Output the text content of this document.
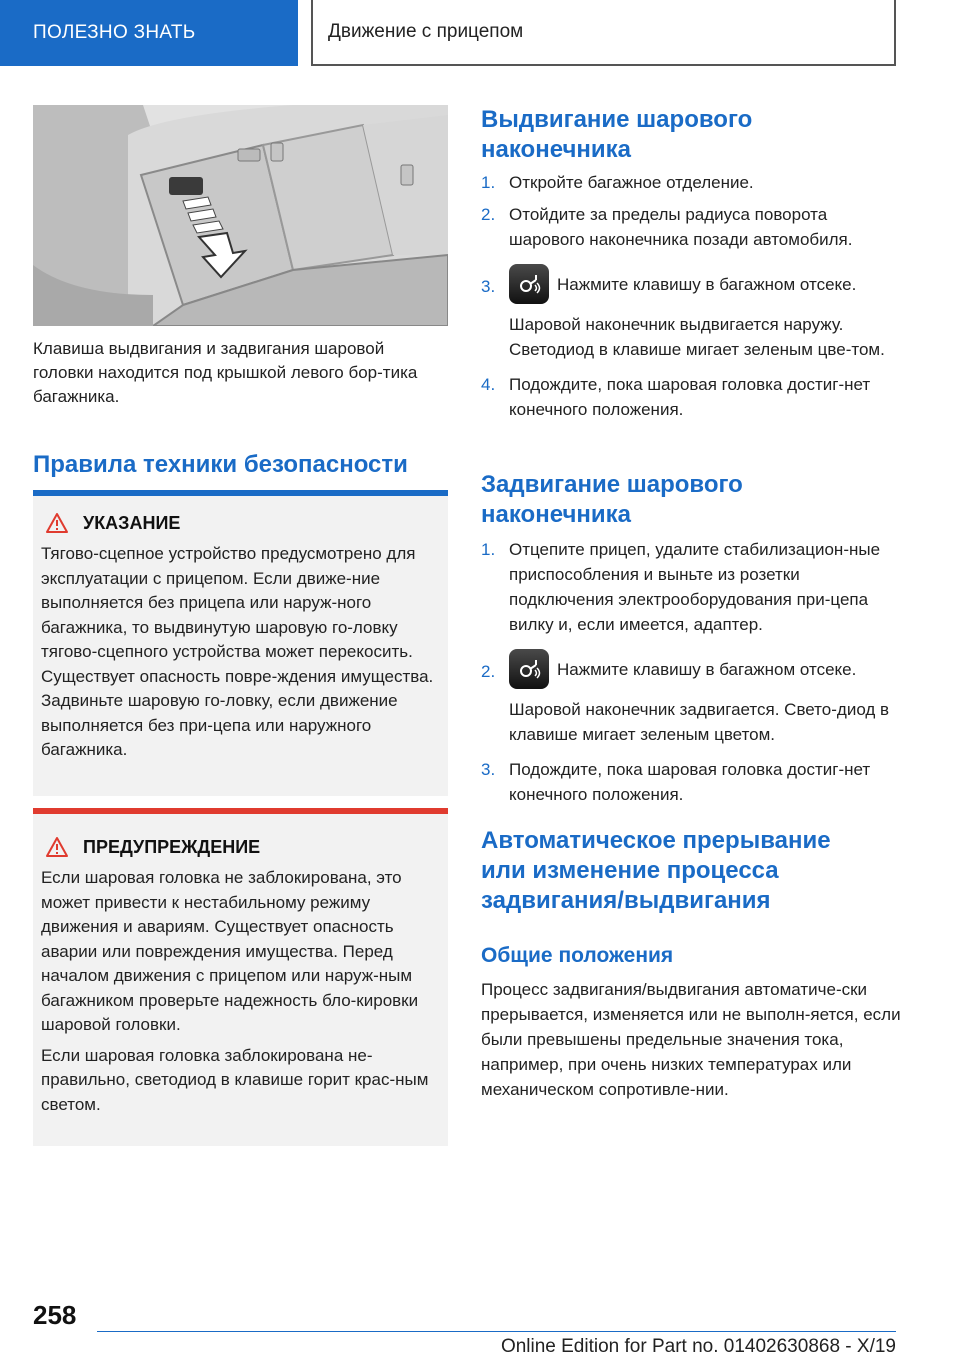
ПОЛЕЗНО ЗНАТЬ	Движение с прицепом
Клавиша выдвигания и задвигания шаровой головки находится под крышкой левого бор-тика багажника.
Правила техники безопасности
УКАЗАНИЕ

Тягово-сцепное устройство предусмотрено для эксплуатации с прицепом. Если движе-ние выполняется без прицепа или наруж-ного багажника, то выдвинутую шаровую го-ловку тягово-сцепного устройства может перекосить. Существует опасность повре-ждения имущества. Задвиньте шаровую го-ловку, если движение выполняется без при-цепа или наружного багажника.

ПРЕДУПРЕЖДЕНИЕ

Если шаровая головка не заблокирована, это может привести к нестабильному режиму движения и авариям. Существует опасность аварии или повреждения имущества. Перед началом движения с прицепом или наруж-ным багажником проверьте надежность бло-кировки шаровой головки.

Если шаровая головка заблокирована не-правильно, светодиод в клавише горит крас-ным светом.

Выдвигание шарового
наконечника
1. Откройте багажное отделение.

2. Отойдите за пределы радиуса поворота шарового наконечника позади автомобиля.

3.	Нажмите клавишу в багажном отсеке.

Шаровой наконечник выдвигается наружу. Светодиод в клавише мигает зеленым цве-том.

4. Подождите, пока шаровая головка достиг-нет конечного положения.

Задвигание шарового
наконечника
1. Отцепите прицеп, удалите стабилизацион-ные приспособления и выньте из розетки подключения электрооборудования при-цепа вилку и, если имеется, адаптер.

2.	Нажмите клавишу в багажном отсеке.

Шаровой наконечник задвигается. Свето-диод в клавише мигает зеленым цветом.

3. Подождите, пока шаровая головка достиг-нет конечного положения.

Автоматическое прерывание
или изменение процесса
задвигания/выдвигания
Общие положения
Процесс задвигания/выдвигания автоматиче-ски прерывается, изменяется или не выполн-яется, если были превышены предельные значения тока, например, при очень низких температурах или механическом сопротивле-нии.
258
Online Edition for Part no. 01402630868 - X/19
